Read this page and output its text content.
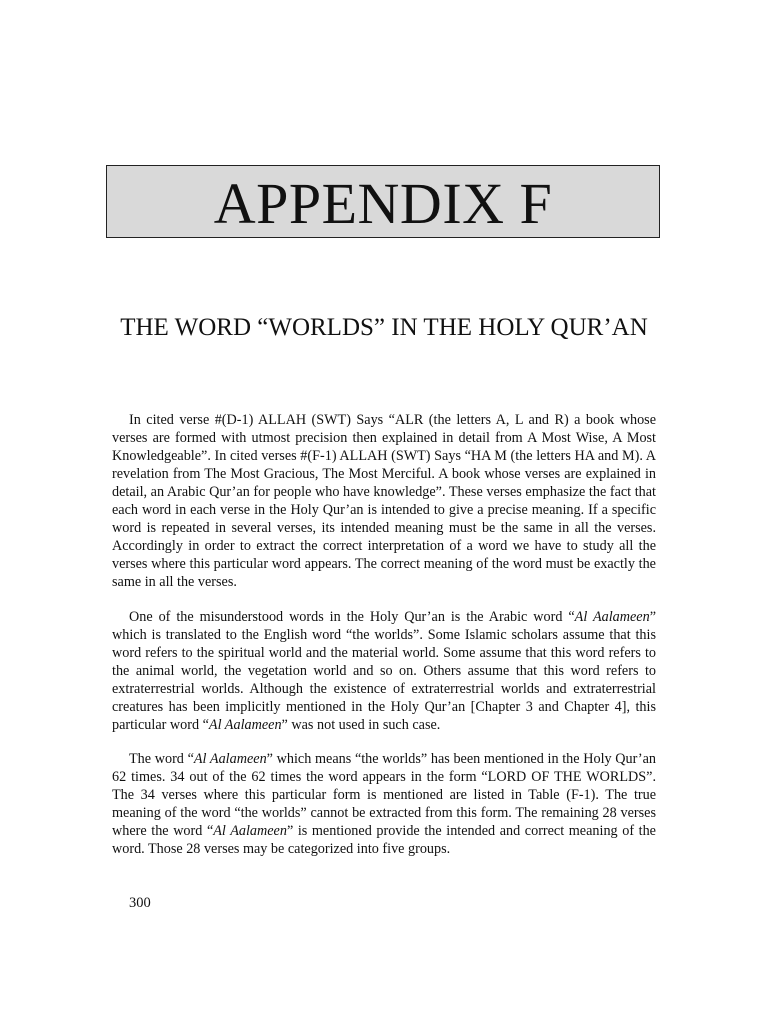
APPENDIX F
THE WORD “WORLDS” IN THE HOLY QUR’AN

In cited verse #(D-1) ALLAH (SWT) Says “ALR (the letters A, L and R) a book whose verses are formed with utmost precision then explained in detail from A Most Wise, A Most Knowledgeable”. In cited verses #(F-1) ALLAH (SWT) Says “HA M (the letters HA and M). A revelation from The Most Gracious, The Most Merciful. A book whose verses are explained in detail, an Arabic Qur’an for people who have knowledge”. These verses emphasize the fact that each word in each verse in the Holy Qur’an is intended to give a precise meaning. If a specific word is repeated in several verses, its intended meaning must be the same in all the verses. Accordingly in order to extract the correct interpretation of a word we have to study all the verses where this particular word appears. The correct meaning of the word must be exactly the same in all the verses.

One of the misunderstood words in the Holy Qur’an is the Arabic word “Al Aalameen” which is translated to the English word “the worlds”. Some Islamic scholars assume that this word refers to the spiritual world and the material world. Some assume that this word refers to the animal world, the vegetation world and so on. Others assume that this word refers to extraterrestrial worlds. Although the existence of extraterrestrial worlds and extraterrestrial creatures has been implicitly mentioned in the Holy Qur’an [Chapter 3 and Chapter 4], this particular word “Al Aalameen” was not used in such case.

The word “Al Aalameen” which means “the worlds” has been mentioned in the Holy Qur’an 62 times. 34 out of the 62 times the word appears in the form “LORD OF THE WORLDS”. The 34 verses where this particular form is mentioned are listed in Table (F-1). The true meaning of the word “the worlds” cannot be extracted from this form. The remaining 28 verses where the word “Al Aalameen” is mentioned provide the intended and correct meaning of the word. Those 28 verses may be categorized into five groups.

300
